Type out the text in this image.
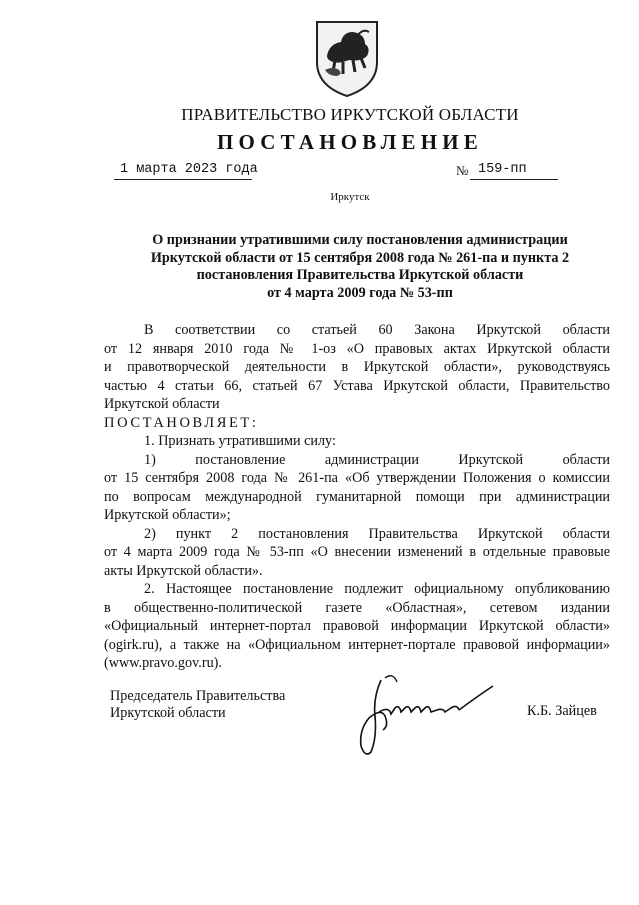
ПРАВИТЕЛЬСТВО ИРКУТСКОЙ ОБЛАСТИ
ПОСТАНОВЛЕНИЕ
1 марта 2023 года	№ 159-пп
Иркутск
О признании утратившими силу постановления администрации
Иркутской области от 15 сентября 2008 года № 261-па и пункта 2
постановления Правительства Иркутской области
от 4 марта 2009 года № 53-пп
В соответствии со статьей 60 Закона Иркутской области
от 12 января 2010 года № 1-оз «О правовых актах Иркутской области
и правотворческой деятельности в Иркутской области», руководствуясь
частью 4 статьи 66, статьей 67 Устава Иркутской области, Правительство
Иркутской области
ПОСТАНОВЛЯЕТ:
1. Признать утратившими силу:
1) постановление администрации Иркутской области
от 15 сентября 2008 года № 261-па «Об утверждении Положения о комиссии
по вопросам международной гуманитарной помощи при администрации
Иркутской области»;
2) пункт 2 постановления Правительства Иркутской области
от 4 марта 2009 года № 53-пп «О внесении изменений в отдельные правовые
акты Иркутской области».
2. Настоящее постановление подлежит официальному опубликованию
в общественно-политической газете «Областная», сетевом издании
«Официальный интернет-портал правовой информации Иркутской области»
(ogirk.ru), а также на «Официальном интернет-портале правовой информации»
(www.pravo.gov.ru).
Председатель Правительства
Иркутской области	К.Б. Зайцев
